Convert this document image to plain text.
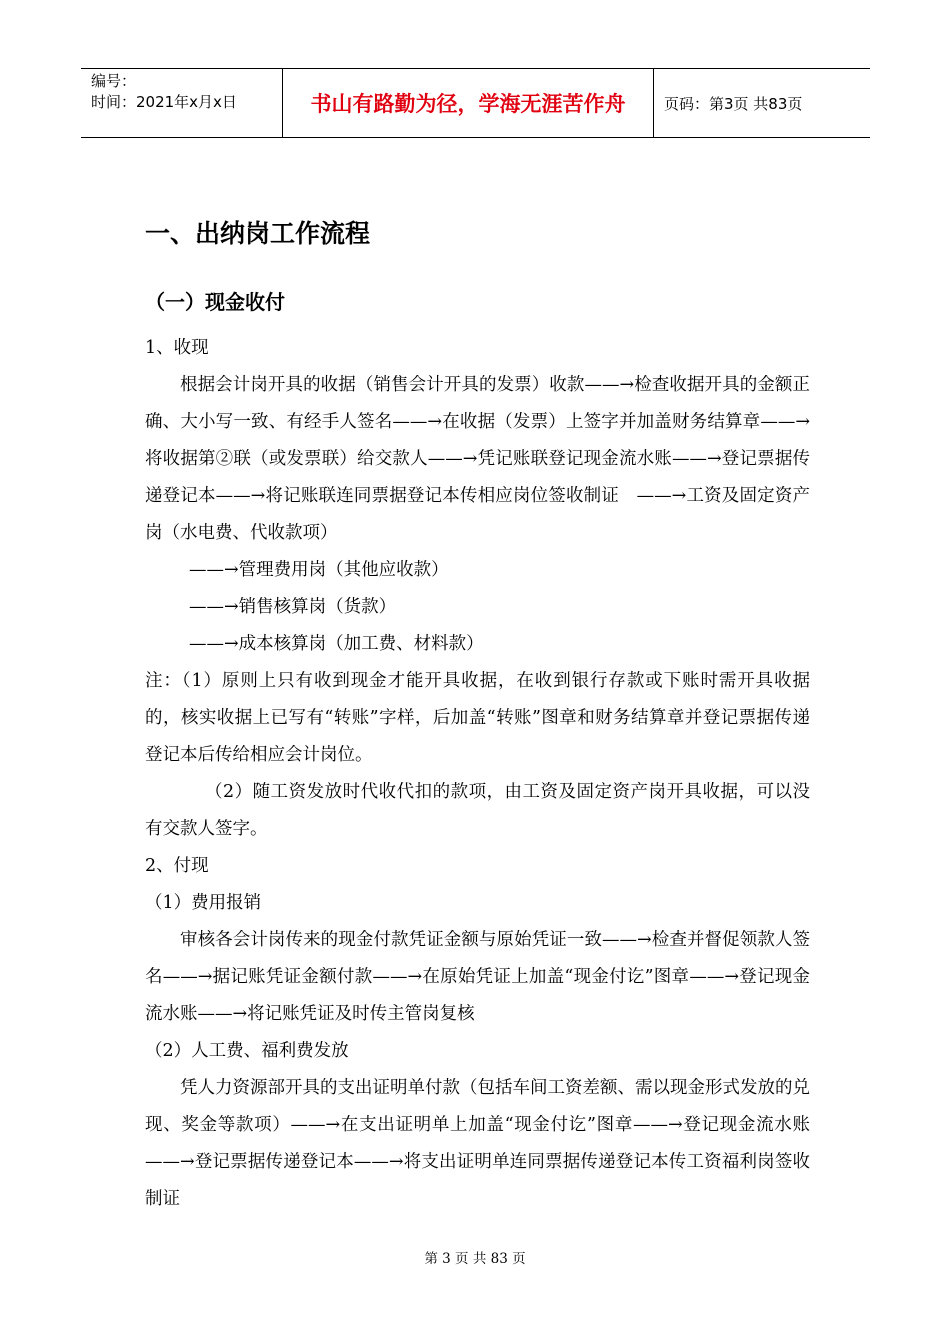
编号：
时间：2021年x月x日	书山有路勤为径，学海无涯苦作舟	页码：第3页 共83页
一、出纳岗工作流程
（一）现金收付

1、收现

根据会计岗开具的收据（销售会计开具的发票）收款——→检查收据开具的金额正确、大小写一致、有经手人签名——→在收据（发票）上签字并加盖财务结算章——→将收据第②联（或发票联）给交款人——→凭记账联登记现金流水账——→登记票据传递登记本——→将记账联连同票据登记本传相应岗位签收制证　——→工资及固定资产岗（水电费、代收款项）

——→管理费用岗（其他应收款）

——→销售核算岗（货款）

——→成本核算岗（加工费、材料款）

注：（1）原则上只有收到现金才能开具收据，在收到银行存款或下账时需开具收据的，核实收据上已写有“转账”字样，后加盖“转账”图章和财务结算章并登记票据传递登记本后传给相应会计岗位。

（2）随工资发放时代收代扣的款项，由工资及固定资产岗开具收据，可以没有交款人签字。

2、付现

（1）费用报销

审核各会计岗传来的现金付款凭证金额与原始凭证一致——→检查并督促领款人签名——→据记账凭证金额付款——→在原始凭证上加盖“现金付讫”图章——→登记现金流水账——→将记账凭证及时传主管岗复核

（2）人工费、福利费发放

凭人力资源部开具的支出证明单付款（包括车间工资差额、需以现金形式发放的兑现、奖金等款项）——→在支出证明单上加盖“现金付讫”图章——→登记现金流水账——→登记票据传递登记本——→将支出证明单连同票据传递登记本传工资福利岗签收制证

第 3 页 共 83 页
